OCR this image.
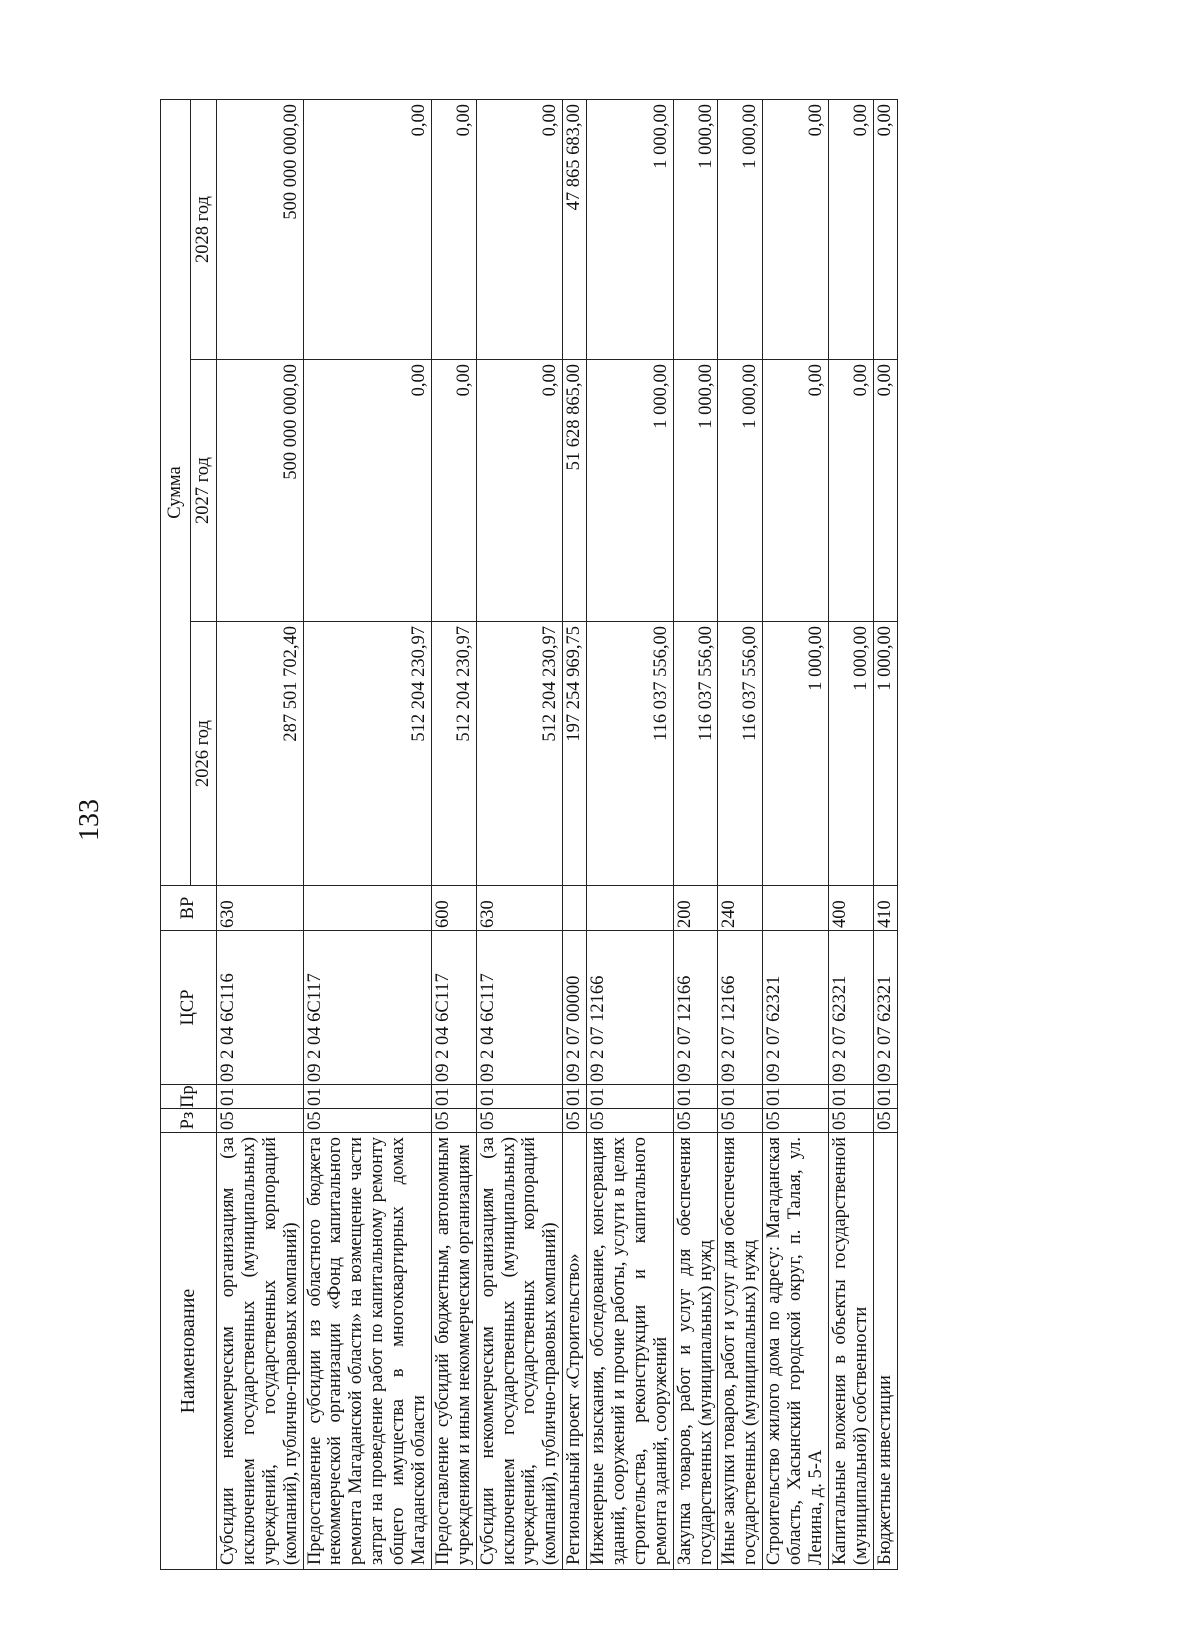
133
Наименование	Рз	Пр	ЦСР	ВР	Сумма		
					2026 год	2027 год	2028 год
Субсидии некоммерческим организациям (за исключением государственных (муниципальных) учреждений, государственных корпораций (компаний), публично-правовых компаний)	05	01	09 2 04 6С116	630	287 501 702,40	500 000 000,00	500 000 000,00
Предоставление субсидии из областного бюджета некоммерческой организации «Фонд капитального ремонта Магаданской области» на возмещение части затрат на проведение работ по капитальному ремонту общего имущества в многоквартирных домах Магаданской области	05	01	09 2 04 6С117		512 204 230,97	0,00	0,00
Предоставление субсидий бюджетным, автономным учреждениям и иным некоммерческим организациям	05	01	09 2 04 6С117	600	512 204 230,97	0,00	0,00
Субсидии некоммерческим организациям (за исключением государственных (муниципальных) учреждений, государственных корпораций (компаний), публично-правовых компаний)	05	01	09 2 04 6С117	630	512 204 230,97	0,00	0,00
Региональный проект «Строительство»	05	01	09 2 07 00000		197 254 969,75	51 628 865,00	47 865 683,00
Инженерные изыскания, обследование, консервация зданий, сооружений и прочие работы, услуги в целях строительства, реконструкции и капитального ремонта зданий, сооружений	05	01	09 2 07 12166		116 037 556,00	1 000,00	1 000,00
Закупка товаров, работ и услуг для обеспечения государственных (муниципальных) нужд	05	01	09 2 07 12166	200	116 037 556,00	1 000,00	1 000,00
Иные закупки товаров, работ и услуг для обеспечения государственных (муниципальных) нужд	05	01	09 2 07 12166	240	116 037 556,00	1 000,00	1 000,00
Строительство жилого дома по адресу: Магаданская область, Хасынский городской округ, п. Талая, ул. Ленина, д. 5-А	05	01	09 2 07 62321		1 000,00	0,00	0,00
Капитальные вложения в объекты государственной (муниципальной) собственности	05	01	09 2 07 62321	400	1 000,00	0,00	0,00
Бюджетные инвестиции	05	01	09 2 07 62321	410	1 000,00	0,00	0,00
